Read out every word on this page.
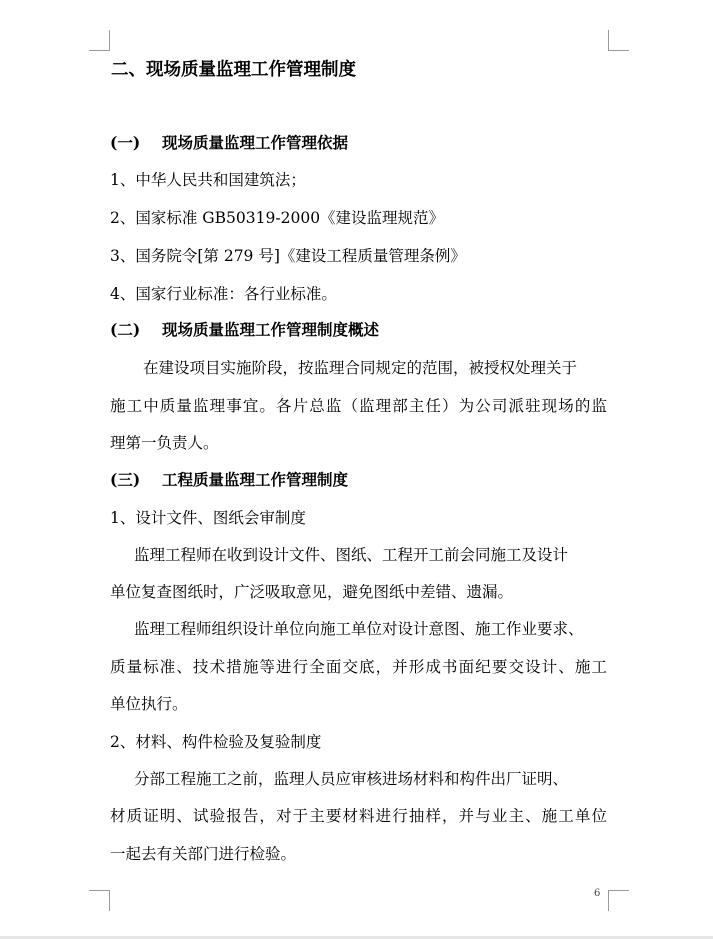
二、现场质量监理工作管理制度
(一) 现场质量监理工作管理依据
1、中华人民共和国建筑法；
2、国家标准 GB50319-2000《建设监理规范》
3、国务院令[第 279 号]《建设工程质量管理条例》
4、国家行业标准：各行业标准。
(二) 现场质量监理工作管理制度概述
在建设项目实施阶段，按监理合同规定的范围，被授权处理关于
施工中质量监理事宜。各片总监（监理部主任）为公司派驻现场的监
理第一负责人。
(三) 工程质量监理工作管理制度
1、设计文件、图纸会审制度
监理工程师在收到设计文件、图纸、工程开工前会同施工及设计
单位复查图纸时，广泛吸取意见，避免图纸中差错、遗漏。
监理工程师组织设计单位向施工单位对设计意图、施工作业要求、
质量标准、技术措施等进行全面交底，并形成书面纪要交设计、施工
单位执行。
2、材料、构件检验及复验制度
分部工程施工之前，监理人员应审核进场材料和构件出厂证明、
材质证明、试验报告，对于主要材料进行抽样，并与业主、施工单位
一起去有关部门进行检验。
6
